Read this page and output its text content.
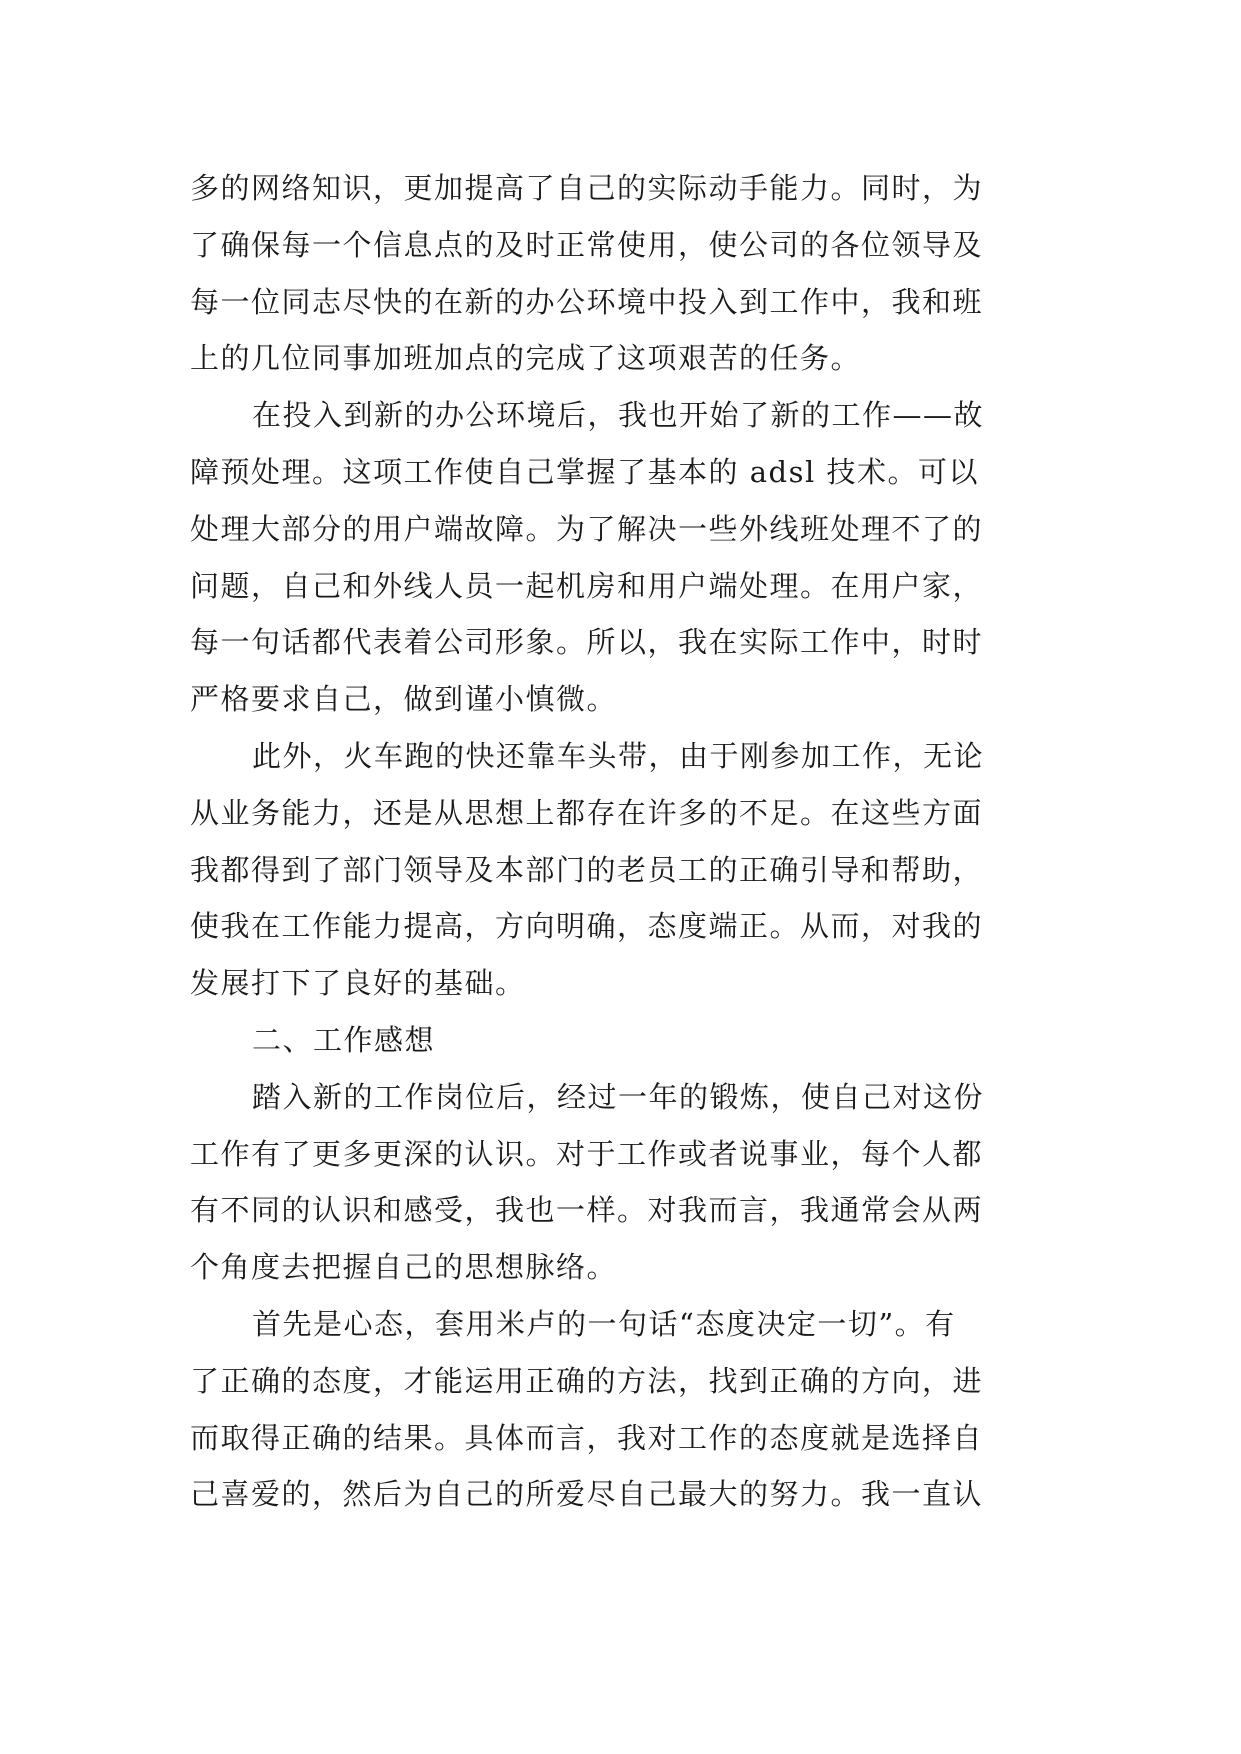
多的网络知识，更加提高了自己的实际动手能力。同时，为
了确保每一个信息点的及时正常使用，使公司的各位领导及
每一位同志尽快的在新的办公环境中投入到工作中，我和班
上的几位同事加班加点的完成了这项艰苦的任务。
在投入到新的办公环境后，我也开始了新的工作——故
障预处理。这项工作使自己掌握了基本的 adsl 技术。可以
处理大部分的用户端故障。为了解决一些外线班处理不了的
问题，自己和外线人员一起机房和用户端处理。在用户家，
每一句话都代表着公司形象。所以，我在实际工作中，时时
严格要求自己，做到谨小慎微。
此外，火车跑的快还靠车头带，由于刚参加工作，无论
从业务能力，还是从思想上都存在许多的不足。在这些方面
我都得到了部门领导及本部门的老员工的正确引导和帮助，
使我在工作能力提高，方向明确，态度端正。从而，对我的
发展打下了良好的基础。
二、工作感想
踏入新的工作岗位后，经过一年的锻炼，使自己对这份
工作有了更多更深的认识。对于工作或者说事业，每个人都
有不同的认识和感受，我也一样。对我而言，我通常会从两
个角度去把握自己的思想脉络。
首先是心态，套用米卢的一句话“态度决定一切”。有
了正确的态度，才能运用正确的方法，找到正确的方向，进
而取得正确的结果。具体而言，我对工作的态度就是选择自
己喜爱的，然后为自己的所爱尽自己最大的努力。我一直认
